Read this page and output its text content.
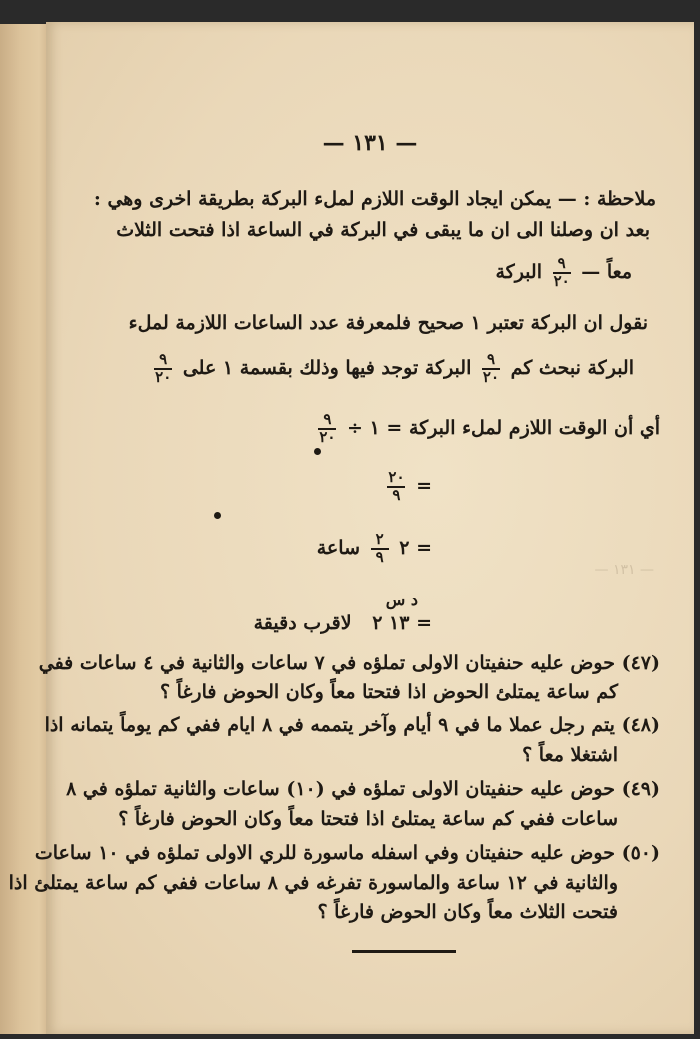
— ١٣١ —
ملاحظة : — يمكن ايجاد الوقت اللازم لملء البركة بطريقة اخرى وهي :
بعد ان وصلنا الى ان ما يبقى في البركة في الساعة اذا فتحت الثلاث
معاً —
$\frac{٩}{٢٠}$
البركة
نقول ان البركة تعتبر ١ صحيح فلمعرفة عدد الساعات اللازمة لملء
البركة نبحث كم
$\frac{٩}{٢٠}$
البركة توجد فيها وذلك بقسمة ١ على
$\frac{٩}{٢٠}$
أي أن الوقت اللازم لملء البركة = ١ ÷
$\frac{٩}{٢٠}$
=
$\frac{٢٠}{٩}$
= ٢
$\frac{٢}{٩}$
ساعة
د س
= ١٣ ٢ لاقرب دقيقة
— ١٣١ —
(٤٧) حوض عليه حنفيتان الاولى تملؤه في ٧ ساعات والثانية في ٤ ساعات ففي
كم ساعة يمتلئ الحوض اذا فتحتا معاً وكان الحوض فارغاً ؟
(٤٨) يتم رجل عملا ما في ٩ أيام وآخر يتممه في ٨ ايام ففي كم يوماً يتمانه اذا
اشتغلا معاً ؟
(٤٩) حوض عليه حنفيتان الاولى تملؤه في (١٠) ساعات والثانية تملؤه في ٨
ساعات ففي كم ساعة يمتلئ اذا فتحتا معاً وكان الحوض فارغاً ؟
(٥٠) حوض عليه حنفيتان وفي اسفله ماسورة للري الاولى تملؤه في ١٠ ساعات
والثانية في ١٢ ساعة والماسورة تفرغه في ٨ ساعات ففي كم ساعة يمتلئ اذا
فتحت الثلاث معاً وكان الحوض فارغاً ؟
